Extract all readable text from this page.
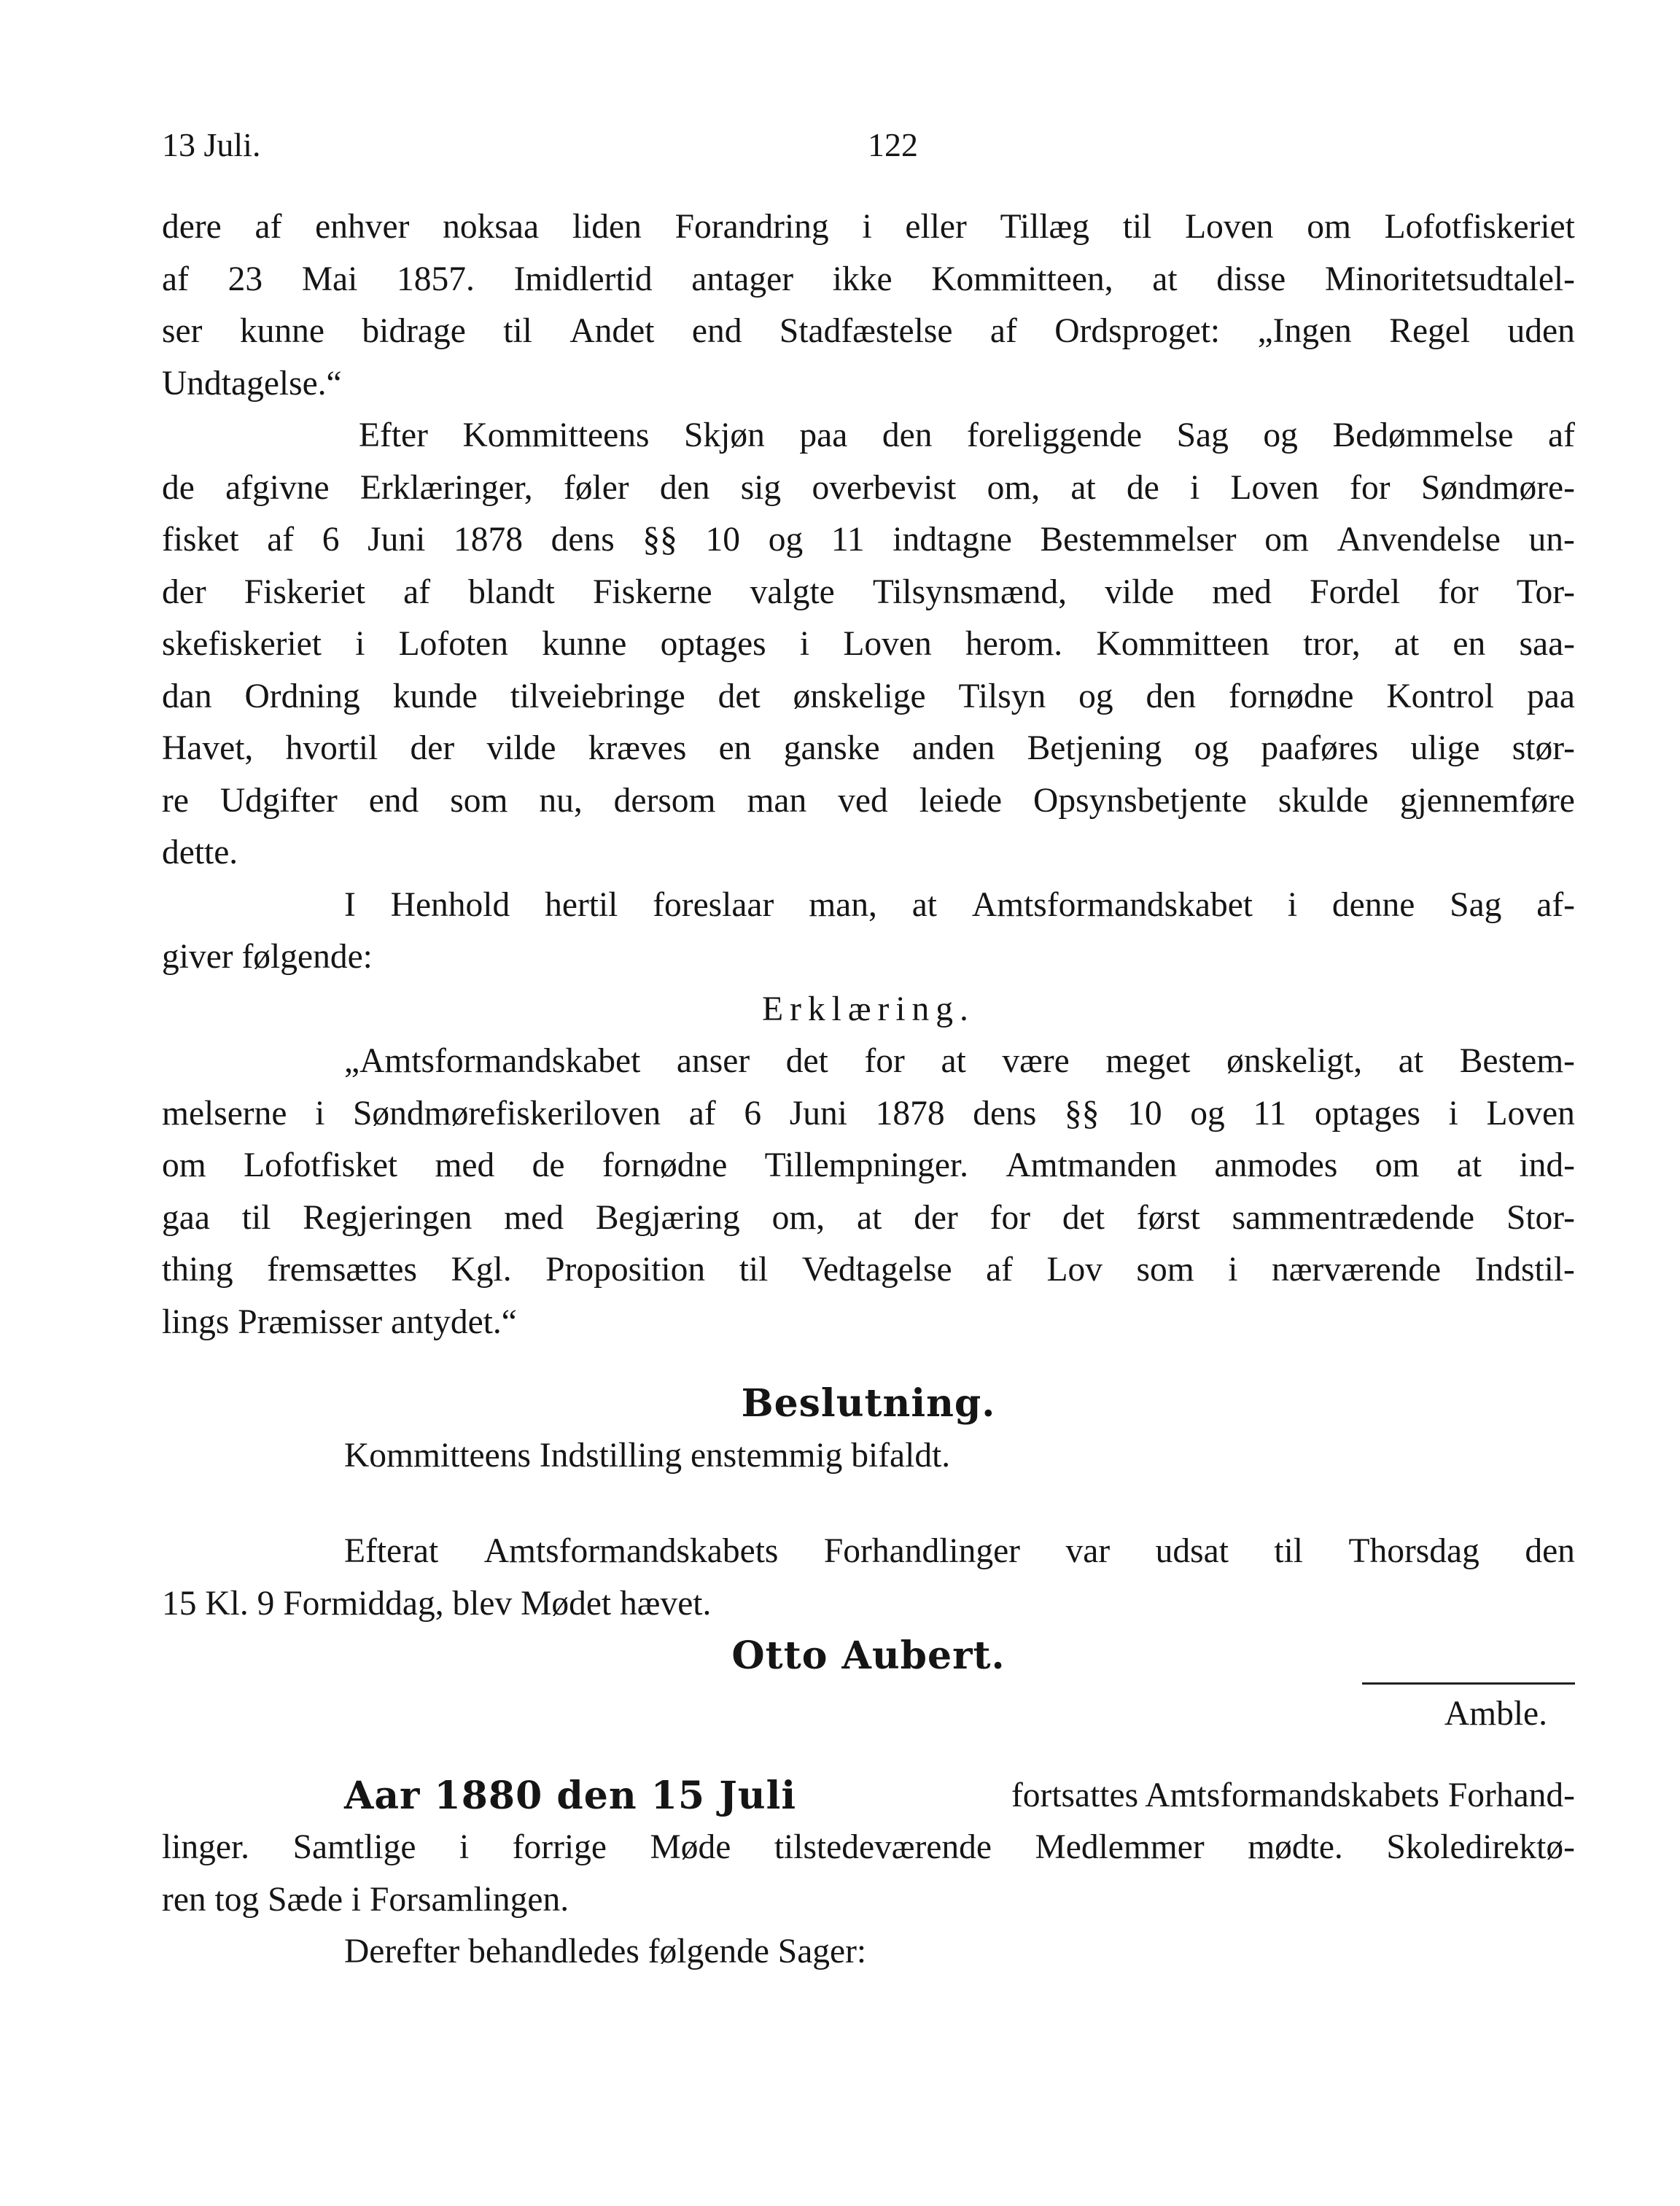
13 Juli.	122
dere af enhver noksaa liden Forandring i eller Tillæg til Loven om Lofotfiskeriet
af 23 Mai 1857. Imidlertid antager ikke Kommitteen, at disse Minoritetsudtalel-
ser kunne bidrage til Andet end Stadfæstelse af Ordsproget: „Ingen Regel uden
Undtagelse.“
Efter Kommitteens Skjøn paa den foreliggende Sag og Bedømmelse af
de afgivne Erklæringer, føler den sig overbevist om, at de i Loven for Søndmøre-
fisket af 6 Juni 1878 dens §§ 10 og 11 indtagne Bestemmelser om Anvendelse un-
der Fiskeriet af blandt Fiskerne valgte Tilsynsmænd, vilde med Fordel for Tor-
skefiskeriet i Lofoten kunne optages i Loven herom. Kommitteen tror, at en saa-
dan Ordning kunde tilveiebringe det ønskelige Tilsyn og den fornødne Kontrol paa
Havet, hvortil der vilde kræves en ganske anden Betjening og paaføres ulige stør-
re Udgifter end som nu, dersom man ved leiede Opsynsbetjente skulde gjennemføre
dette.
I Henhold hertil foreslaar man, at Amtsformandskabet i denne Sag af-
giver følgende:
Erklæring.
„Amtsformandskabet anser det for at være meget ønskeligt, at Bestem-
melserne i Søndmørefiskeriloven af 6 Juni 1878 dens §§ 10 og 11 optages i Loven
om Lofotfisket med de fornødne Tillempninger. Amtmanden anmodes om at ind-
gaa til Regjeringen med Begjæring om, at der for det først sammentrædende Stor-
thing fremsættes Kgl. Proposition til Vedtagelse af Lov som i nærværende Indstil-
lings Præmisser antydet.“
Beslutning.
Kommitteens Indstilling enstemmig bifaldt.
Efterat Amtsformandskabets Forhandlinger var udsat til Thorsdag den
15 Kl. 9 Formiddag, blev Mødet hævet.
Otto Aubert.
Amble.
Aar 1880 den 15 Juli	fortsattes Amtsformandskabets Forhand-
linger. Samtlige i forrige Møde tilstedeværende Medlemmer mødte. Skoledirektø-
ren tog Sæde i Forsamlingen.
Derefter behandledes følgende Sager:
